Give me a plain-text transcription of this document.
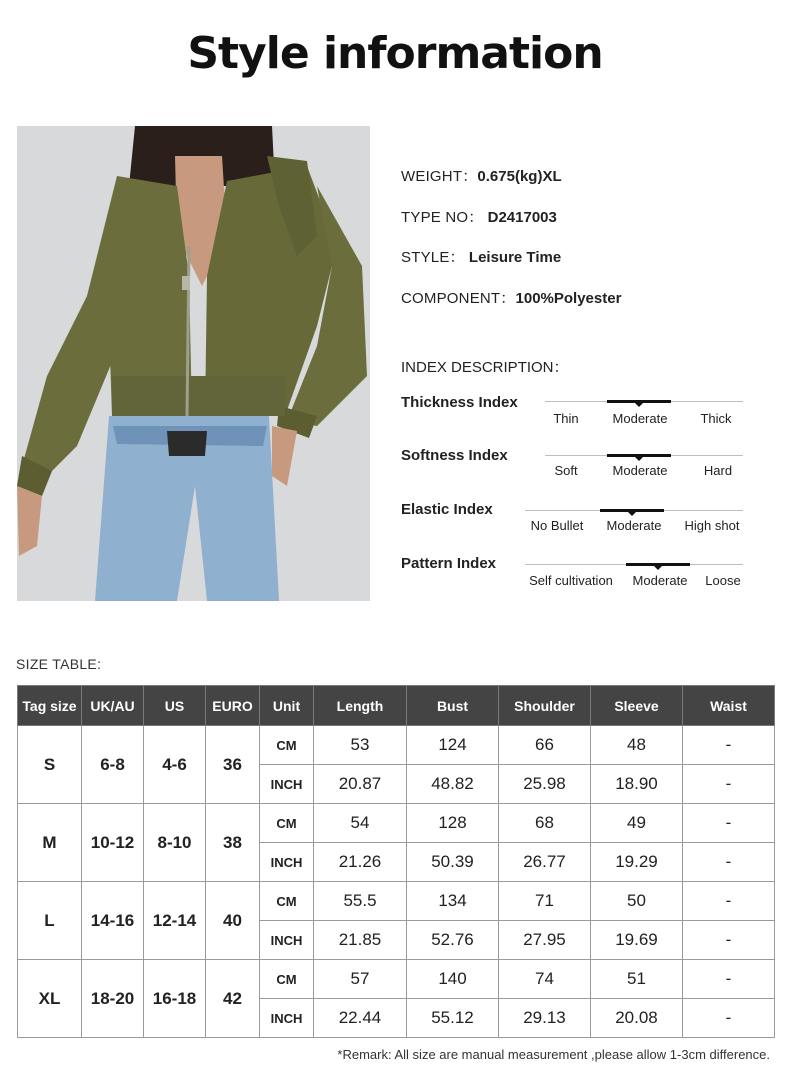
Style information
WEIGHT：0.675(kg)XL
TYPE NO： D2417003
STYLE： Leisure Time
COMPONENT：100%Polyester
INDEX DESCRIPTION：
Thickness Index
Thin	Moderate	Thick
Softness Index
Soft	Moderate	Hard
Elastic Index
No Bullet	Moderate	High shot
Pattern Index
Self cultivation	Moderate	Loose
SIZE TABLE:
Tag size	UK/AU	US	EURO	Unit	Length	Bust	Shoulder	Sleeve	Waist
S	6-8	4-6	36	CM	53	124	66	48	-
				INCH	20.87	48.82	25.98	18.90	-
M	10-12	8-10	38	CM	54	128	68	49	-
				INCH	21.26	50.39	26.77	19.29	-
L	14-16	12-14	40	CM	55.5	134	71	50	-
				INCH	21.85	52.76	27.95	19.69	-
XL	18-20	16-18	42	CM	57	140	74	51	-
				INCH	22.44	55.12	29.13	20.08	-
*Remark: All size are manual measurement ,please allow 1-3cm difference.
